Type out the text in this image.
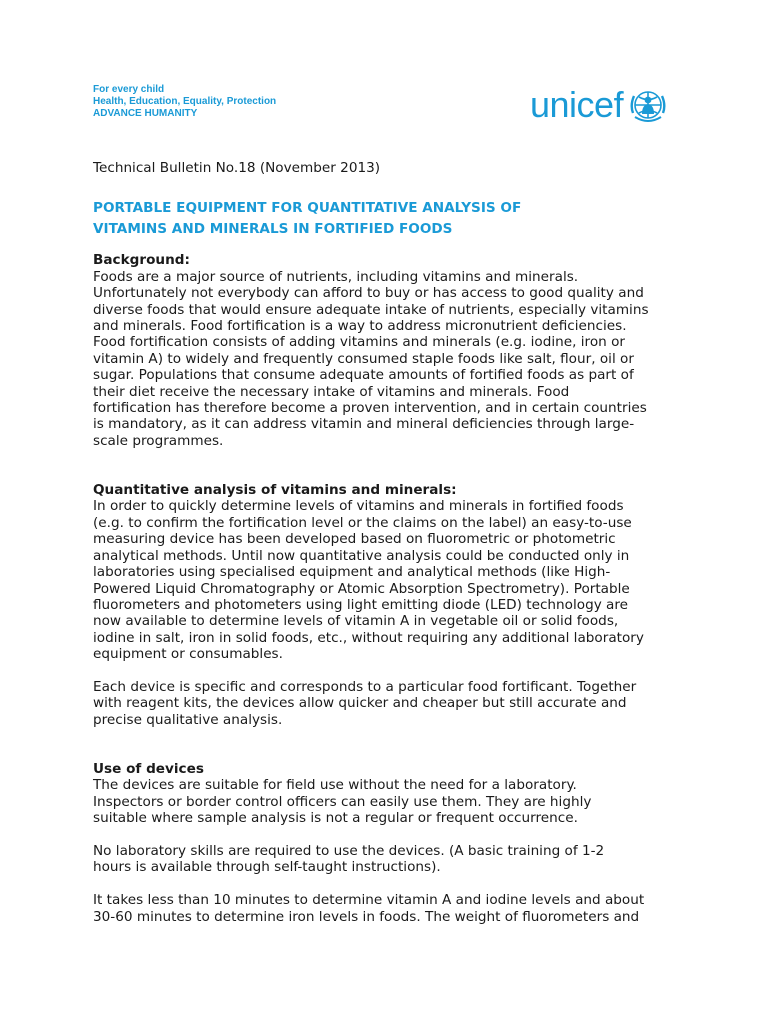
For every child
Health, Education, Equality, Protection
ADVANCE HUMANITY	unicef

Technical Bulletin No.18 (November 2013)

PORTABLE EQUIPMENT FOR QUANTITATIVE ANALYSIS OF
VITAMINS AND MINERALS IN FORTIFIED FOODS

Background:

Foods are a major source of nutrients, including vitamins and minerals.
Unfortunately not everybody can afford to buy or has access to good quality and
diverse foods that would ensure adequate intake of nutrients, especially vitamins
and minerals. Food fortification is a way to address micronutrient deficiencies.
Food fortification consists of adding vitamins and minerals (e.g. iodine, iron or
vitamin A) to widely and frequently consumed staple foods like salt, flour, oil or
sugar. Populations that consume adequate amounts of fortified foods as part of
their diet receive the necessary intake of vitamins and minerals. Food
fortification has therefore become a proven intervention, and in certain countries
is mandatory, as it can address vitamin and mineral deficiencies through large-
scale programmes.

Quantitative analysis of vitamins and minerals:

In order to quickly determine levels of vitamins and minerals in fortified foods
(e.g. to confirm the fortification level or the claims on the label) an easy-to-use
measuring device has been developed based on fluorometric or photometric
analytical methods. Until now quantitative analysis could be conducted only in
laboratories using specialised equipment and analytical methods (like High-
Powered Liquid Chromatography or Atomic Absorption Spectrometry). Portable
fluorometers and photometers using light emitting diode (LED) technology are
now available to determine levels of vitamin A in vegetable oil or solid foods,
iodine in salt, iron in solid foods, etc., without requiring any additional laboratory
equipment or consumables.
Each device is specific and corresponds to a particular food fortificant. Together
with reagent kits, the devices allow quicker and cheaper but still accurate and
precise qualitative analysis.

Use of devices

The devices are suitable for field use without the need for a laboratory.
Inspectors or border control officers can easily use them. They are highly
suitable where sample analysis is not a regular or frequent occurrence.
No laboratory skills are required to use the devices. (A basic training of 1-2
hours is available through self-taught instructions).
It takes less than 10 minutes to determine vitamin A and iodine levels and about
30-60 minutes to determine iron levels in foods. The weight of fluorometers and
